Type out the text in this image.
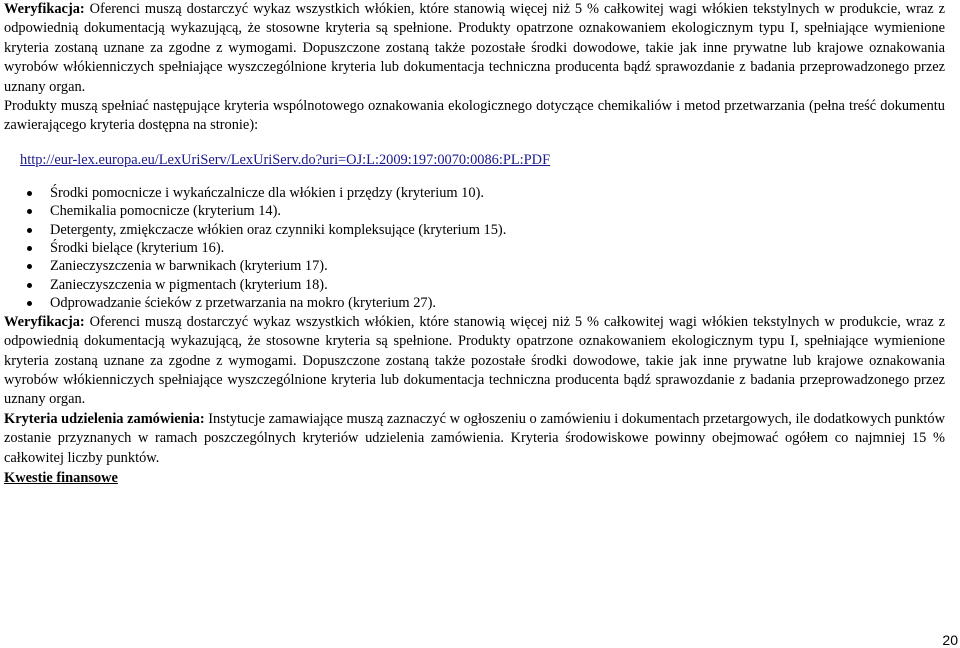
Weryfikacja: Oferenci muszą dostarczyć wykaz wszystkich włókien, które stanowią więcej niż 5 % całkowitej wagi włókien tekstylnych w produkcie, wraz z odpowiednią dokumentacją wykazującą, że stosowne kryteria są spełnione. Produkty opatrzone oznakowaniem ekologicznym typu I, spełniające wymienione kryteria zostaną uznane za zgodne z wymogami. Dopuszczone zostaną także pozostałe środki dowodowe, takie jak inne prywatne lub krajowe oznakowania wyrobów włókienniczych spełniające wyszczególnione kryteria lub dokumentacja techniczna producenta bądź sprawozdanie z badania przeprowadzonego przez uznany organ.

Produkty muszą spełniać następujące kryteria wspólnotowego oznakowania ekologicznego dotyczące chemikaliów i metod przetwarzania (pełna treść dokumentu zawierającego kryteria dostępna na stronie):

http://eur-lex.europa.eu/LexUriServ/LexUriServ.do?uri=OJ:L:2009:197:0070:0086:PL:PDF
Środki pomocnicze i wykańczalnicze dla włókien i przędzy (kryterium 10).
Chemikalia pomocnicze (kryterium 14).
Detergenty, zmiękczacze włókien oraz czynniki kompleksujące (kryterium 15).
Środki bielące (kryterium 16).
Zanieczyszczenia w barwnikach (kryterium 17).
Zanieczyszczenia w pigmentach (kryterium 18).
Odprowadzanie ścieków z przetwarzania na mokro (kryterium 27).

Weryfikacja: Oferenci muszą dostarczyć wykaz wszystkich włókien, które stanowią więcej niż 5 % całkowitej wagi włókien tekstylnych w produkcie, wraz z odpowiednią dokumentacją wykazującą, że stosowne kryteria są spełnione. Produkty opatrzone oznakowaniem ekologicznym typu I, spełniające wymienione kryteria zostaną uznane za zgodne z wymogami. Dopuszczone zostaną także pozostałe środki dowodowe, takie jak inne prywatne lub krajowe oznakowania wyrobów włókienniczych spełniające wyszczególnione kryteria lub dokumentacja techniczna producenta bądź sprawozdanie z badania przeprowadzonego przez uznany organ.

Kryteria udzielenia zamówienia: Instytucje zamawiające muszą zaznaczyć w ogłoszeniu o zamówieniu i dokumentach przetargowych, ile dodatkowych punktów zostanie przyznanych w ramach poszczególnych kryteriów udzielenia zamówienia. Kryteria środowiskowe powinny obejmować ogółem co najmniej 15 % całkowitej liczby punktów.

Kwestie finansowe

20
